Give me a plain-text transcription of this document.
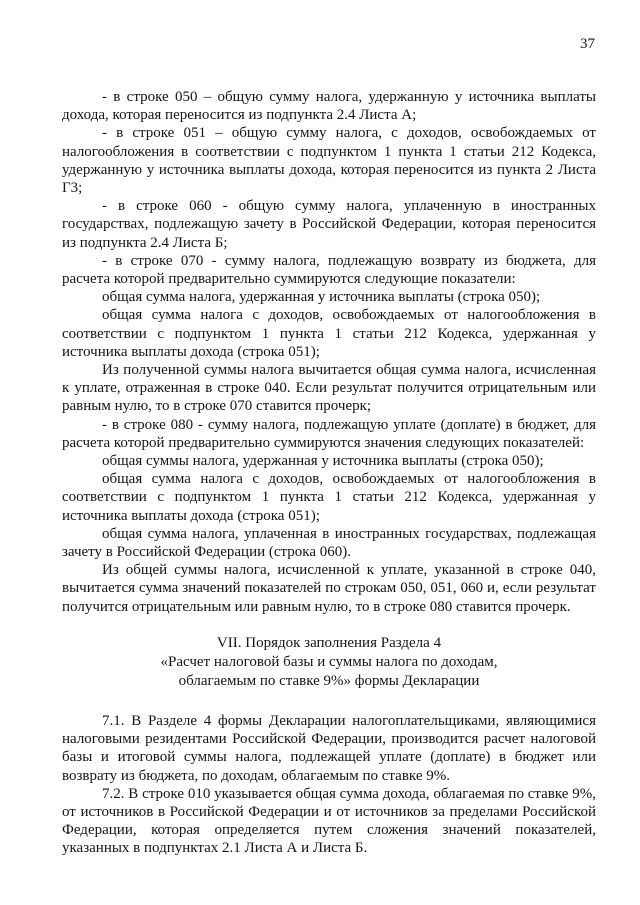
37

- в строке 050 – общую сумму налога, удержанную у источника выплаты дохода, которая переносится из подпункта 2.4 Листа А;

- в строке 051 – общую сумму налога, с доходов, освобождаемых от налогообложения в соответствии с подпунктом 1 пункта 1 статьи 212 Кодекса, удержанную у источника выплаты дохода, которая переносится из пункта 2 Листа Г3;

- в строке 060 - общую сумму налога, уплаченную в иностранных государствах, подлежащую зачету в Российской Федерации, которая переносится из подпункта 2.4 Листа Б;

- в строке 070 - сумму налога, подлежащую возврату из бюджета, для расчета которой предварительно суммируются следующие показатели:

общая сумма налога, удержанная у источника выплаты (строка 050);

общая сумма налога с доходов, освобождаемых от налогообложения в соответствии с подпунктом 1 пункта 1 статьи 212 Кодекса, удержанная у источника выплаты дохода (строка 051);

Из полученной суммы налога вычитается общая сумма налога, исчисленная к уплате, отраженная в строке 040. Если результат получится отрицательным или равным нулю, то в строке 070 ставится прочерк;

- в строке 080 - сумму налога, подлежащую уплате (доплате) в бюджет, для расчета которой предварительно суммируются значения следующих показателей:

общая суммы налога, удержанная у источника выплаты (строка 050);

общая сумма налога с доходов, освобождаемых от налогообложения в соответствии с подпунктом 1 пункта 1 статьи 212 Кодекса, удержанная у источника выплаты дохода (строка 051);

общая сумма налога, уплаченная в иностранных государствах, подлежащая зачету в Российской Федерации (строка 060).

Из общей суммы налога, исчисленной к уплате, указанной в строке 040, вычитается сумма значений показателей по строкам 050, 051, 060 и, если результат получится отрицательным или равным нулю, то в строке 080 ставится прочерк.

VII. Порядок заполнения Раздела 4
«Расчет налоговой базы и суммы налога по доходам,
облагаемым по ставке 9%» формы Декларации

7.1. В Разделе 4 формы Декларации налогоплательщиками, являющимися налоговыми резидентами Российской Федерации, производится расчет налоговой базы и итоговой суммы налога, подлежащей уплате (доплате) в бюджет или возврату из бюджета, по доходам, облагаемым по ставке 9%.

7.2. В строке 010 указывается общая сумма дохода, облагаемая по ставке 9%, от источников в Российской Федерации и от источников за пределами Российской Федерации, которая определяется путем сложения значений показателей, указанных в подпунктах 2.1 Листа А и Листа Б.
